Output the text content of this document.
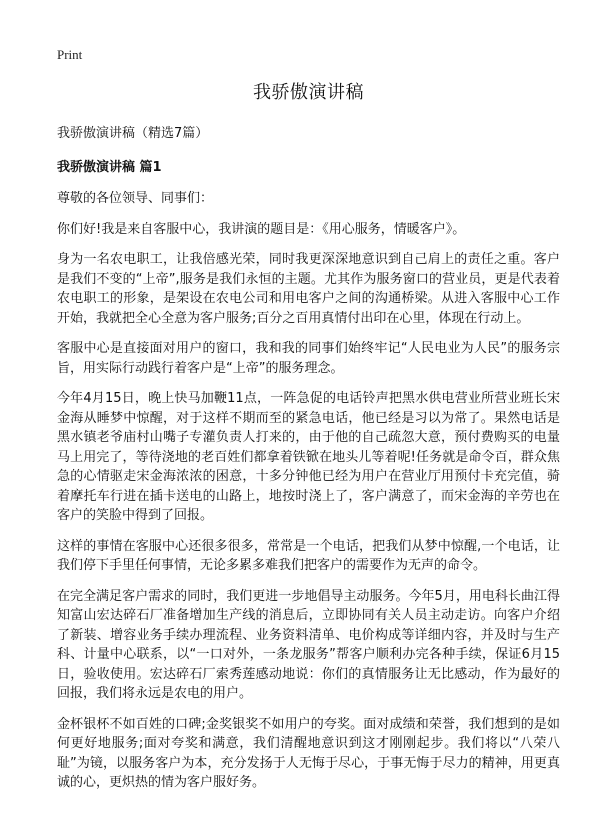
Print
我骄傲演讲稿
我骄傲演讲稿（精选7篇）
我骄傲演讲稿 篇1

尊敬的各位领导、同事们：

你们好!我是来自客服中心，我讲演的题目是：《用心服务，情暖客户》。

身为一名农电职工，让我倍感光荣，同时我更深深地意识到自己肩上的责任之重。客户是我们不变的“上帝”,服务是我们永恒的主题。尤其作为服务窗口的营业员，更是代表着农电职工的形象，是架设在农电公司和用电客户之间的沟通桥梁。从进入客服中心工作开始，我就把全心全意为客户服务;百分之百用真情付出印在心里，体现在行动上。

客服中心是直接面对用户的窗口，我和我的同事们始终牢记“人民电业为人民”的服务宗旨，用实际行动践行着客户是“上帝”的服务理念。

今年4月15日，晚上快马加鞭11点，一阵急促的电话铃声把黑水供电营业所营业班长宋金海从睡梦中惊醒，对于这样不期而至的紧急电话，他已经是习以为常了。果然电话是黑水镇老爷庙村山嘴子专灌负责人打来的，由于他的自己疏忽大意，预付费购买的电量马上用完了，等待浇地的老百姓们都拿着铁锨在地头儿等着呢!任务就是命令百，群众焦急的心情驱走宋金海浓浓的困意，十多分钟他已经为用户在营业厅用预付卡充完值，骑着摩托车行进在插卡送电的山路上，地按时浇上了，客户满意了，而宋金海的辛劳也在客户的笑脸中得到了回报。

这样的事情在客服中心还很多很多，常常是一个电话，把我们从梦中惊醒,一个电话，让我们停下手里任何事情，无论多累多难我们把客户的需要作为无声的命令。

在完全满足客户需求的同时，我们更进一步地倡导主动服务。今年5月，用电科长曲江得知富山宏达碎石厂准备增加生产线的消息后，立即协同有关人员主动走访。向客户介绍了新装、增容业务手续办理流程、业务资料清单、电价构成等详细内容，并及时与生产科、计量中心联系，以“一口对外，一条龙服务”帮客户顺利办完各种手续，保证6月15日，验收使用。宏达碎石厂索秀莲感动地说：你们的真情服务让无比感动，作为最好的回报，我们将永远是农电的用户。

金杯银杯不如百姓的口碑;金奖银奖不如用户的夸奖。面对成绩和荣誉，我们想到的是如何更好地服务;面对夸奖和满意，我们清醒地意识到这才刚刚起步。我们将以“八荣八耻”为镜，以服务客户为本，充分发扬于人无悔于尽心，于事无悔于尽力的精神，用更真诚的心，更炽热的情为客户服好务。
